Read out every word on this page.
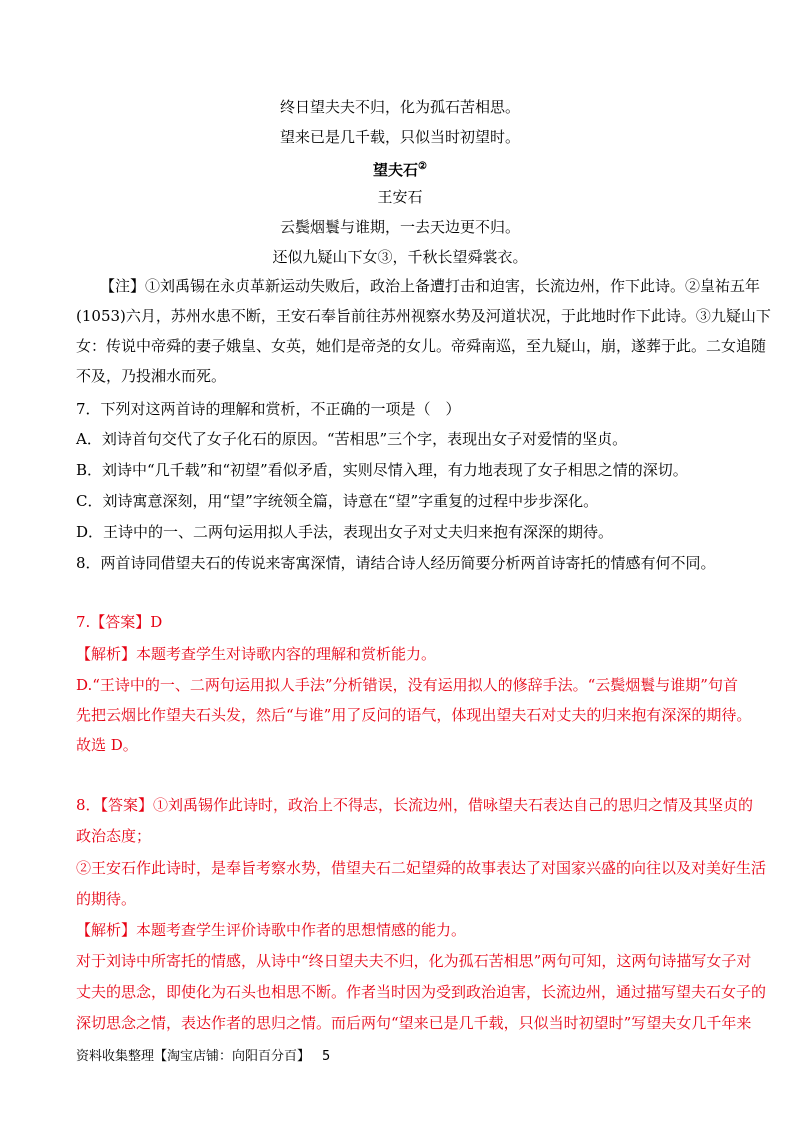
终日望夫夫不归，化为孤石苦相思。
望来已是几千载，只似当时初望时。
望夫石②
王安石
云鬓烟鬟与谁期，一去天边更不归。
还似九疑山下女③，千秋长望舜裳衣。
【注】①刘禹锡在永贞革新运动失败后，政治上备遭打击和迫害，长流边州，作下此诗。②皇祐五年
(1053)六月，苏州水患不断，王安石奉旨前往苏州视察水势及河道状况，于此地时作下此诗。③九疑山下
女：传说中帝舜的妻子娥皇、女英，她们是帝尧的女儿。帝舜南巡，至九疑山，崩，遂葬于此。二女追随
不及，乃投湘水而死。
7．下列对这两首诗的理解和赏析，不正确的一项是（　）
A．刘诗首句交代了女子化石的原因。“苦相思”三个字，表现出女子对爱情的坚贞。
B．刘诗中“几千载”和“初望”看似矛盾，实则尽情入理，有力地表现了女子相思之情的深切。
C．刘诗寓意深刻，用“望”字统领全篇，诗意在“望”字重复的过程中步步深化。
D．王诗中的一、二两句运用拟人手法，表现出女子对丈夫归来抱有深深的期待。
8．两首诗同借望夫石的传说来寄寓深情，请结合诗人经历简要分析两首诗寄托的情感有何不同。
7.【答案】D
【解析】本题考查学生对诗歌内容的理解和赏析能力。
D.“王诗中的一、二两句运用拟人手法”分析错误，没有运用拟人的修辞手法。“云鬓烟鬟与谁期”句首
先把云烟比作望夫石头发，然后“与谁”用了反问的语气，体现出望夫石对丈夫的归来抱有深深的期待。
故选 D。
8．【答案】①刘禹锡作此诗时，政治上不得志，长流边州，借咏望夫石表达自己的思归之情及其坚贞的
政治态度；
②王安石作此诗时，是奉旨考察水势，借望夫石二妃望舜的故事表达了对国家兴盛的向往以及对美好生活
的期待。
【解析】本题考查学生评价诗歌中作者的思想情感的能力。
对于刘诗中所寄托的情感，从诗中“终日望夫夫不归，化为孤石苦相思”两句可知，这两句诗描写女子对
丈夫的思念，即使化为石头也相思不断。作者当时因为受到政治迫害，长流边州，通过描写望夫石女子的
深切思念之情，表达作者的思归之情。而后两句“望来已是几千载，只似当时初望时”写望夫女几千年来
资料收集整理【淘宝店铺：向阳百分百】 5
